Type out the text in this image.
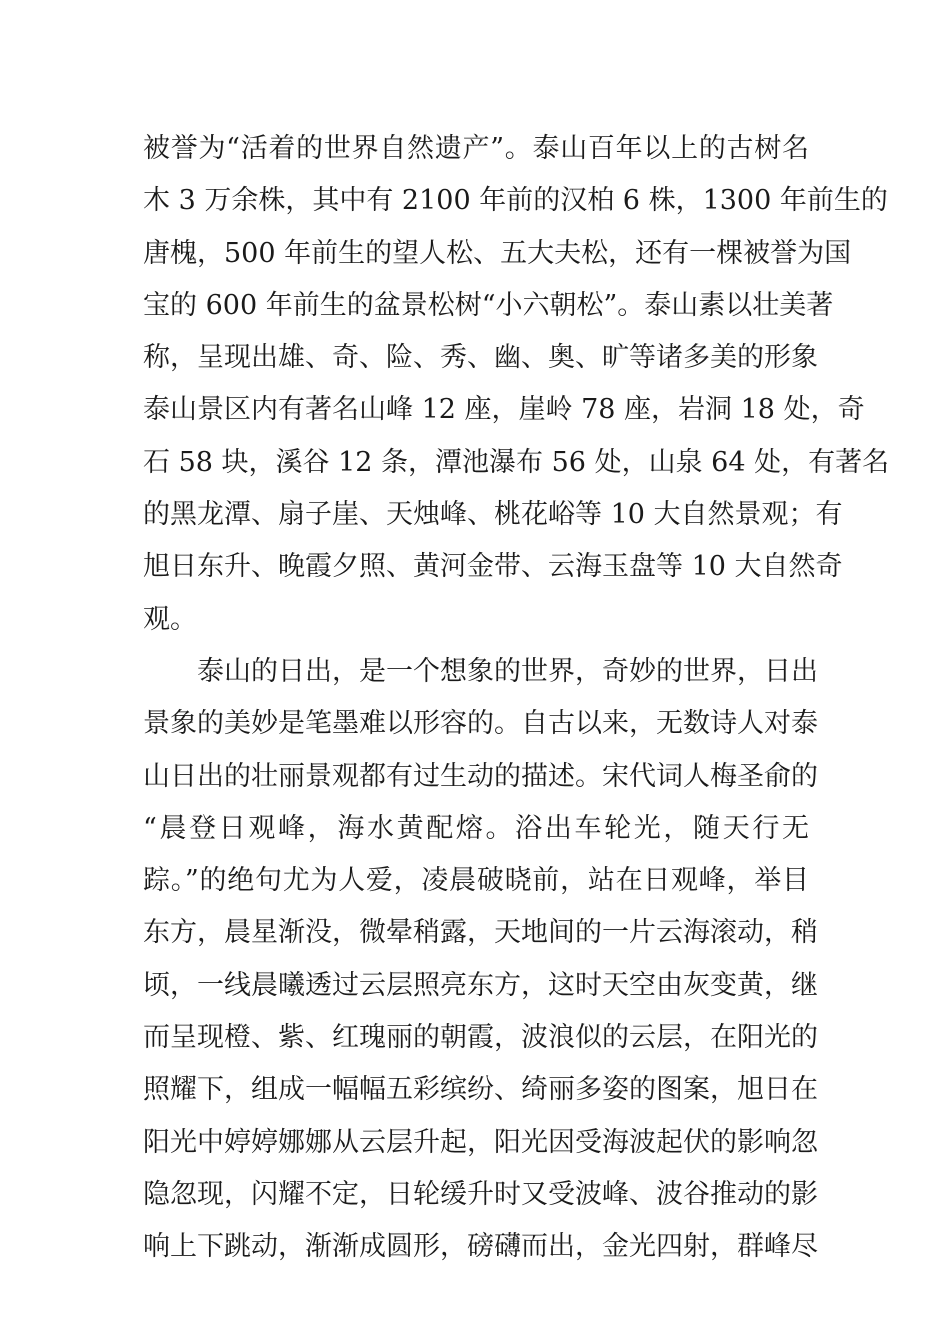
被誉为“活着的世界自然遗产”。泰山百年以上的古树名
木 3 万余株，其中有 2100 年前的汉柏 6 株，1300 年前生的
唐槐，500 年前生的望人松、五大夫松，还有一棵被誉为国
宝的 600 年前生的盆景松树“小六朝松”。泰山素以壮美著
称，呈现出雄、奇、险、秀、幽、奥、旷等诸多美的形象
泰山景区内有著名山峰 12 座，崖岭 78 座，岩洞 18 处，奇
石 58 块，溪谷 12 条，潭池瀑布 56 处，山泉 64 处，有著名
的黑龙潭、扇子崖、天烛峰、桃花峪等 10 大自然景观；有
旭日东升、晚霞夕照、黄河金带、云海玉盘等 10 大自然奇
观。
　　泰山的日出，是一个想象的世界，奇妙的世界，日出
景象的美妙是笔墨难以形容的。自古以来，无数诗人对泰
山日出的壮丽景观都有过生动的描述。宋代词人梅圣俞的
“晨登日观峰，海水黄配熔。浴出车轮光，随天行无
踪。”的绝句尤为人爱，凌晨破晓前，站在日观峰，举目
东方，晨星渐没，微晕稍露，天地间的一片云海滚动，稍
顷，一线晨曦透过云层照亮东方，这时天空由灰变黄，继
而呈现橙、紫、红瑰丽的朝霞，波浪似的云层，在阳光的
照耀下，组成一幅幅五彩缤纷、绮丽多姿的图案，旭日在
阳光中婷婷娜娜从云层升起，阳光因受海波起伏的影响忽
隐忽现，闪耀不定，日轮缓升时又受波峰、波谷推动的影
响上下跳动，渐渐成圆形，磅礴而出，金光四射，群峰尽
